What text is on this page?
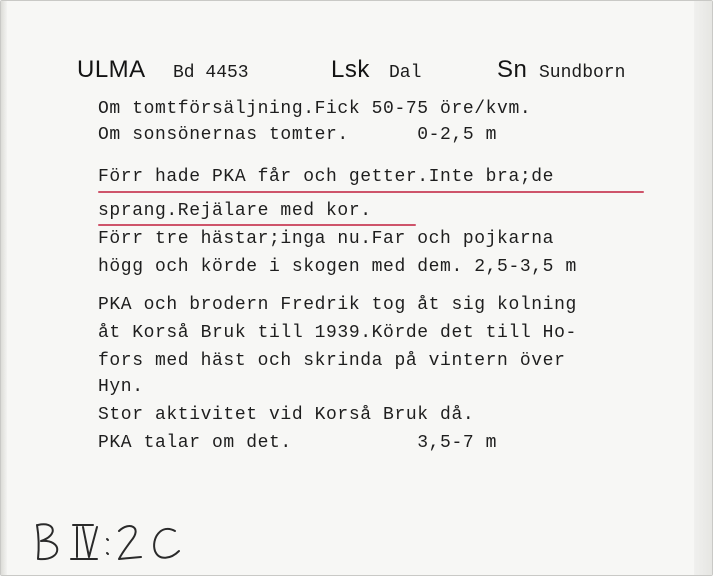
ULMA Bd 4453	Lsk Dal	Sn Sundborn
Om tomtförsäljning.Fick 50-75 öre/kvm.
Om sonsönernas tomter.      0-2,5 m
Förr hade PKA får och getter.Inte bra;de
sprang.Rejälare med kor.
Förr tre hästar;inga nu.Far och pojkarna
högg och körde i skogen med dem. 2,5-3,5 m
PKA och brodern Fredrik tog åt sig kolning
åt Korså Bruk till 1939.Körde det till Ho-
fors med häst och skrinda på vintern över
Hyn.
Stor aktivitet vid Korså Bruk då.
PKA talar om det.           3,5-7 m
